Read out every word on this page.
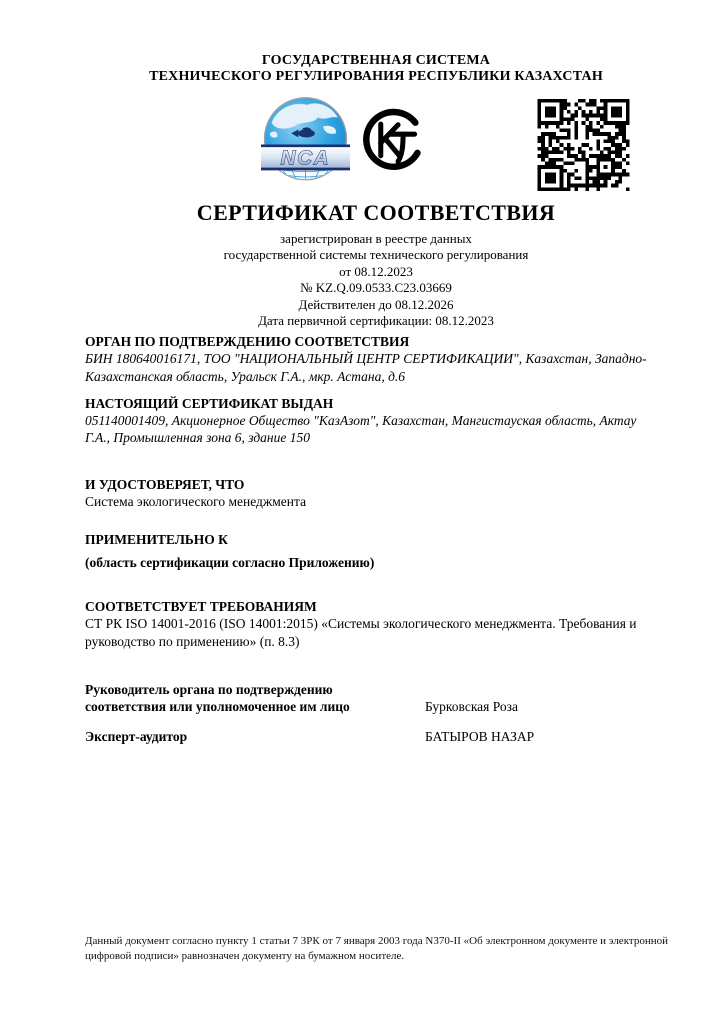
ГОСУДАРСТВЕННАЯ СИСТЕМА
ТЕХНИЧЕСКОГО РЕГУЛИРОВАНИЯ РЕСПУБЛИКИ КАЗАХСТАН
NCA
СЕРТИФИКАТ СООТВЕТСТВИЯ
зарегистрирован в реестре данных
государственной системы технического регулирования
от 08.12.2023
№ KZ.Q.09.0533.C23.03669
Действителен до 08.12.2026
Дата первичной сертификации: 08.12.2023
ОРГАН ПО ПОДТВЕРЖДЕНИЮ СООТВЕТСТВИЯ
БИН 180640016171, ТОО "НАЦИОНАЛЬНЫЙ ЦЕНТР СЕРТИФИКАЦИИ", Казахстан, Западно-Казахстанская область, Уральск Г.А., мкр. Астана, д.6
НАСТОЯЩИЙ СЕРТИФИКАТ ВЫДАН
051140001409, Акционерное Общество "КазАзот", Казахстан, Мангистауская область, Актау Г.А., Промышленная зона 6, здание 150
И УДОСТОВЕРЯЕТ, ЧТО
Система экологического менеджмента
ПРИМЕНИТЕЛЬНО К
(область сертификации согласно Приложению)
СООТВЕТСТВУЕТ ТРЕБОВАНИЯМ
СТ РК ISO 14001-2016 (ISO 14001:2015) «Системы экологического менеджмента. Требования и руководство по применению» (п. 8.3)
Руководитель органа по подтверждению соответствия или уполномоченное им лицо	Бурковская Роза
Эксперт-аудитор	БАТЫРОВ НАЗАР
Данный документ согласно пункту 1 статьи 7 ЗРК от 7 января 2003 года N370-II «Об электронном документе и электронной цифровой подписи» равнозначен документу на бумажном носителе.
